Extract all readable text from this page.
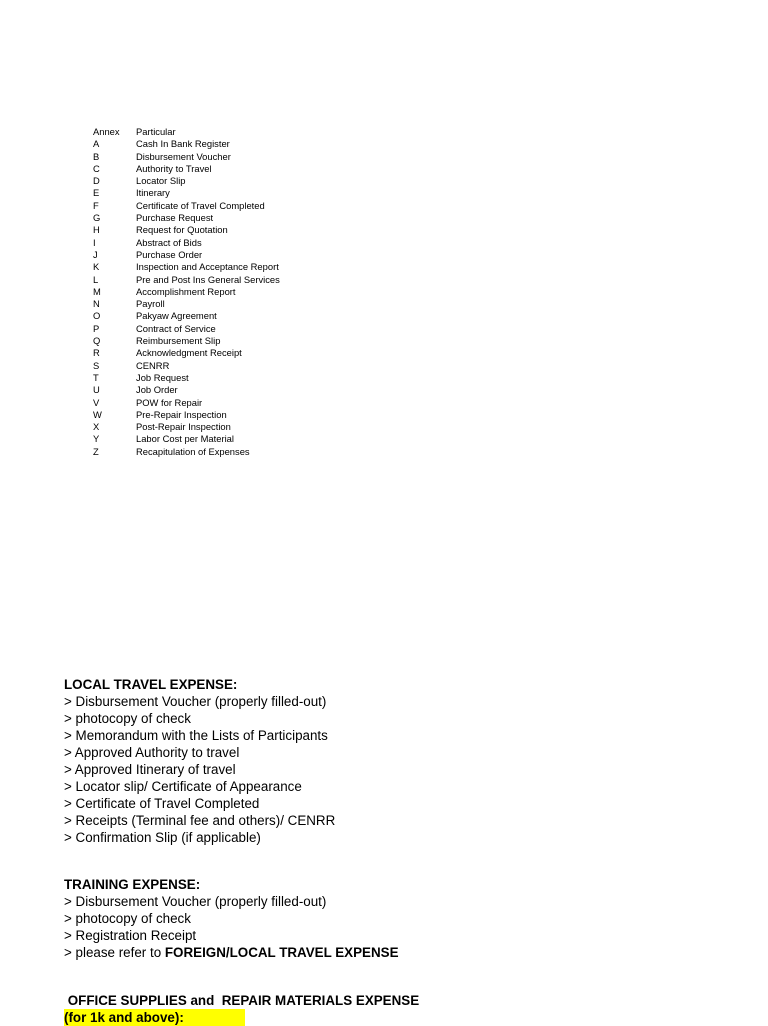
Annex Particular
A	Cash In Bank Register
B	Disbursement Voucher
C	Authority to Travel
D	Locator Slip
E	Itinerary
F	Certificate of Travel Completed
G	Purchase Request
H	Request for Quotation
I	Abstract of Bids
J	Purchase Order
K	Inspection and Acceptance Report
L	Pre and Post Ins General Services
M	Accomplishment Report
N	Payroll
O	Pakyaw Agreement
P	Contract of Service
Q	Reimbursement Slip
R	Acknowledgment Receipt
S	CENRR
T	Job Request
U	Job Order
V	POW for Repair
W	Pre-Repair Inspection
X	Post-Repair Inspection
Y	Labor Cost per Material
Z	Recapitulation of Expenses
LOCAL TRAVEL EXPENSE:
> Disbursement Voucher (properly filled-out)
> photocopy of check
> Memorandum with the Lists of Participants
> Approved Authority to travel
> Approved Itinerary of travel
> Locator slip/ Certificate of Appearance
> Certificate of Travel Completed
> Receipts (Terminal fee and others)/ CENRR
> Confirmation Slip (if applicable)
TRAINING EXPENSE:
> Disbursement Voucher (properly filled-out)
> photocopy of check
> Registration Receipt
> please refer to FOREIGN/LOCAL TRAVEL EXPENSE
OFFICE SUPPLIES and  REPAIR MATERIALS EXPENSE
(for 1k and above):
